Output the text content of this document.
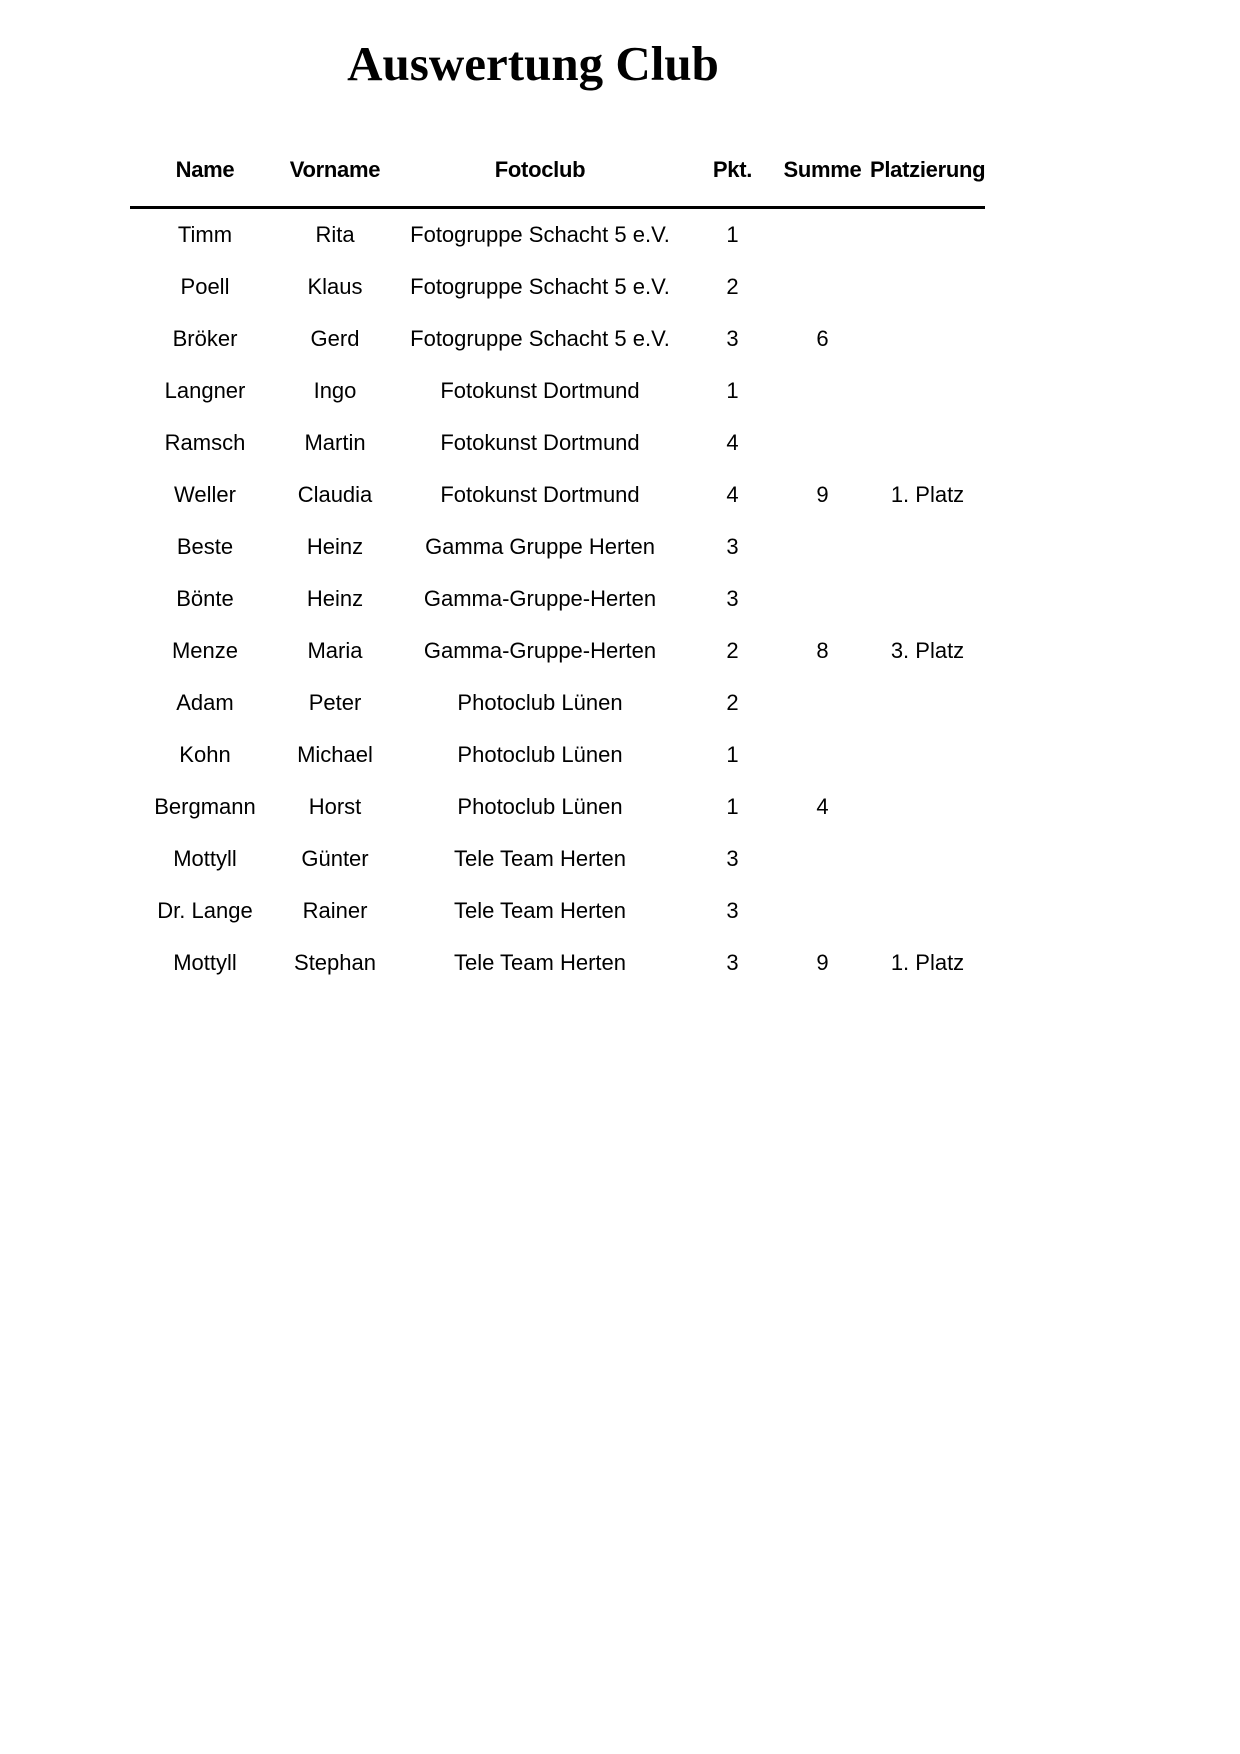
Auswertung Club
Name	Vorname	Fotoclub	Pkt.	Summe	Platzierung
Timm	Rita	Fotogruppe Schacht 5 e.V.	1		
Poell	Klaus	Fotogruppe Schacht 5 e.V.	2		
Bröker	Gerd	Fotogruppe Schacht 5 e.V.	3	6	
Langner	Ingo	Fotokunst Dortmund	1		
Ramsch	Martin	Fotokunst Dortmund	4		
Weller	Claudia	Fotokunst Dortmund	4	9	1. Platz
Beste	Heinz	Gamma Gruppe Herten	3		
Bönte	Heinz	Gamma-Gruppe-Herten	3		
Menze	Maria	Gamma-Gruppe-Herten	2	8	3. Platz
Adam	Peter	Photoclub Lünen	2		
Kohn	Michael	Photoclub Lünen	1		
Bergmann	Horst	Photoclub Lünen	1	4	
Mottyll	Günter	Tele Team Herten	3		
Dr. Lange	Rainer	Tele Team Herten	3		
Mottyll	Stephan	Tele Team Herten	3	9	1. Platz
